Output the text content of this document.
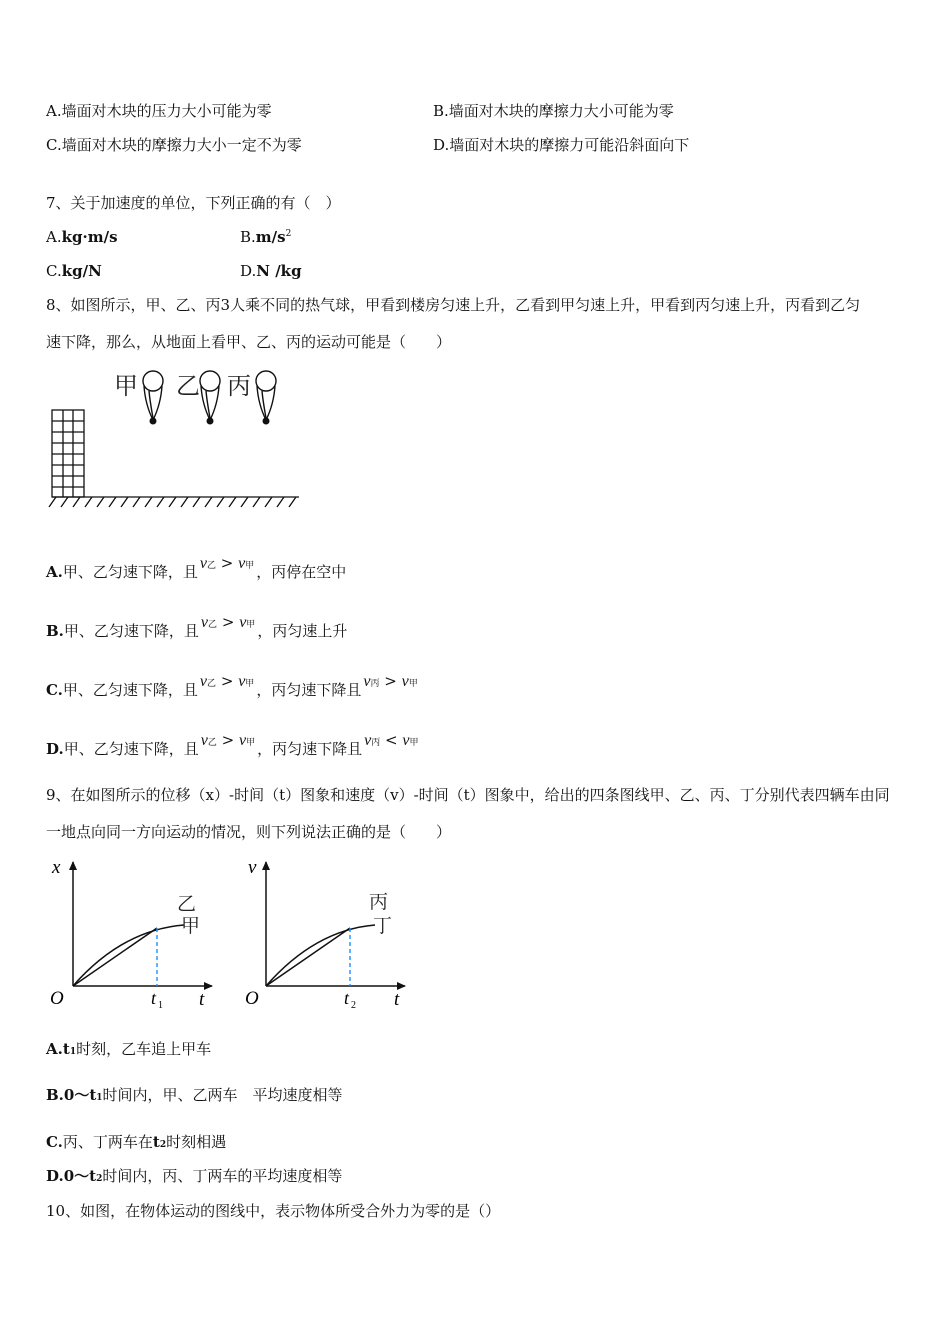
A.墙面对木块的压力大小可能为零	B.墙面对木块的摩擦力大小可能为零
C.墙面对木块的摩擦力大小一定不为零	D.墙面对木块的摩擦力可能沿斜面向下
7、关于加速度的单位，下列正确的有（　）
A.kg·m/s	$B.m/s^2$
C.kg/N	D.N /kg
8、如图所示，甲、乙、丙3人乘不同的热气球，甲看到楼房匀速上升，乙看到甲匀速上升，甲看到丙匀速上升，丙看到乙匀
速下降，那么，从地面上看甲、乙、丙的运动可能是（　　）
甲 乙 丙
A.甲、乙匀速下降，且 v乙 > v甲 ，丙停在空中
B.甲、乙匀速下降，且 v乙 > v甲 ，丙匀速上升
C.甲、乙匀速下降，且 v乙 > v甲 ，丙匀速下降且 v丙 > v甲
D.甲、乙匀速下降，且 v乙 > v甲 ，丙匀速下降且 v丙 < v甲
9、在如图所示的位移（x）-时间（t）图象和速度（v）-时间（t）图象中，给出的四条图线甲、乙、丙、丁分别代表四辆车由同
一地点向同一方向运动的情况，则下列说法正确的是（　　）
x
O	t
t 1
乙
甲
v
O	t
t 2
丙
丁
A.t1时刻，乙车追上甲车
B.0～t1时间内，甲、乙两车　平均速度相等
C.丙、丁两车在t2时刻相遇
D.0～t2时间内，丙、丁两车的平均速度相等
10、如图，在物体运动的图线中，表示物体所受合外力为零的是（）
